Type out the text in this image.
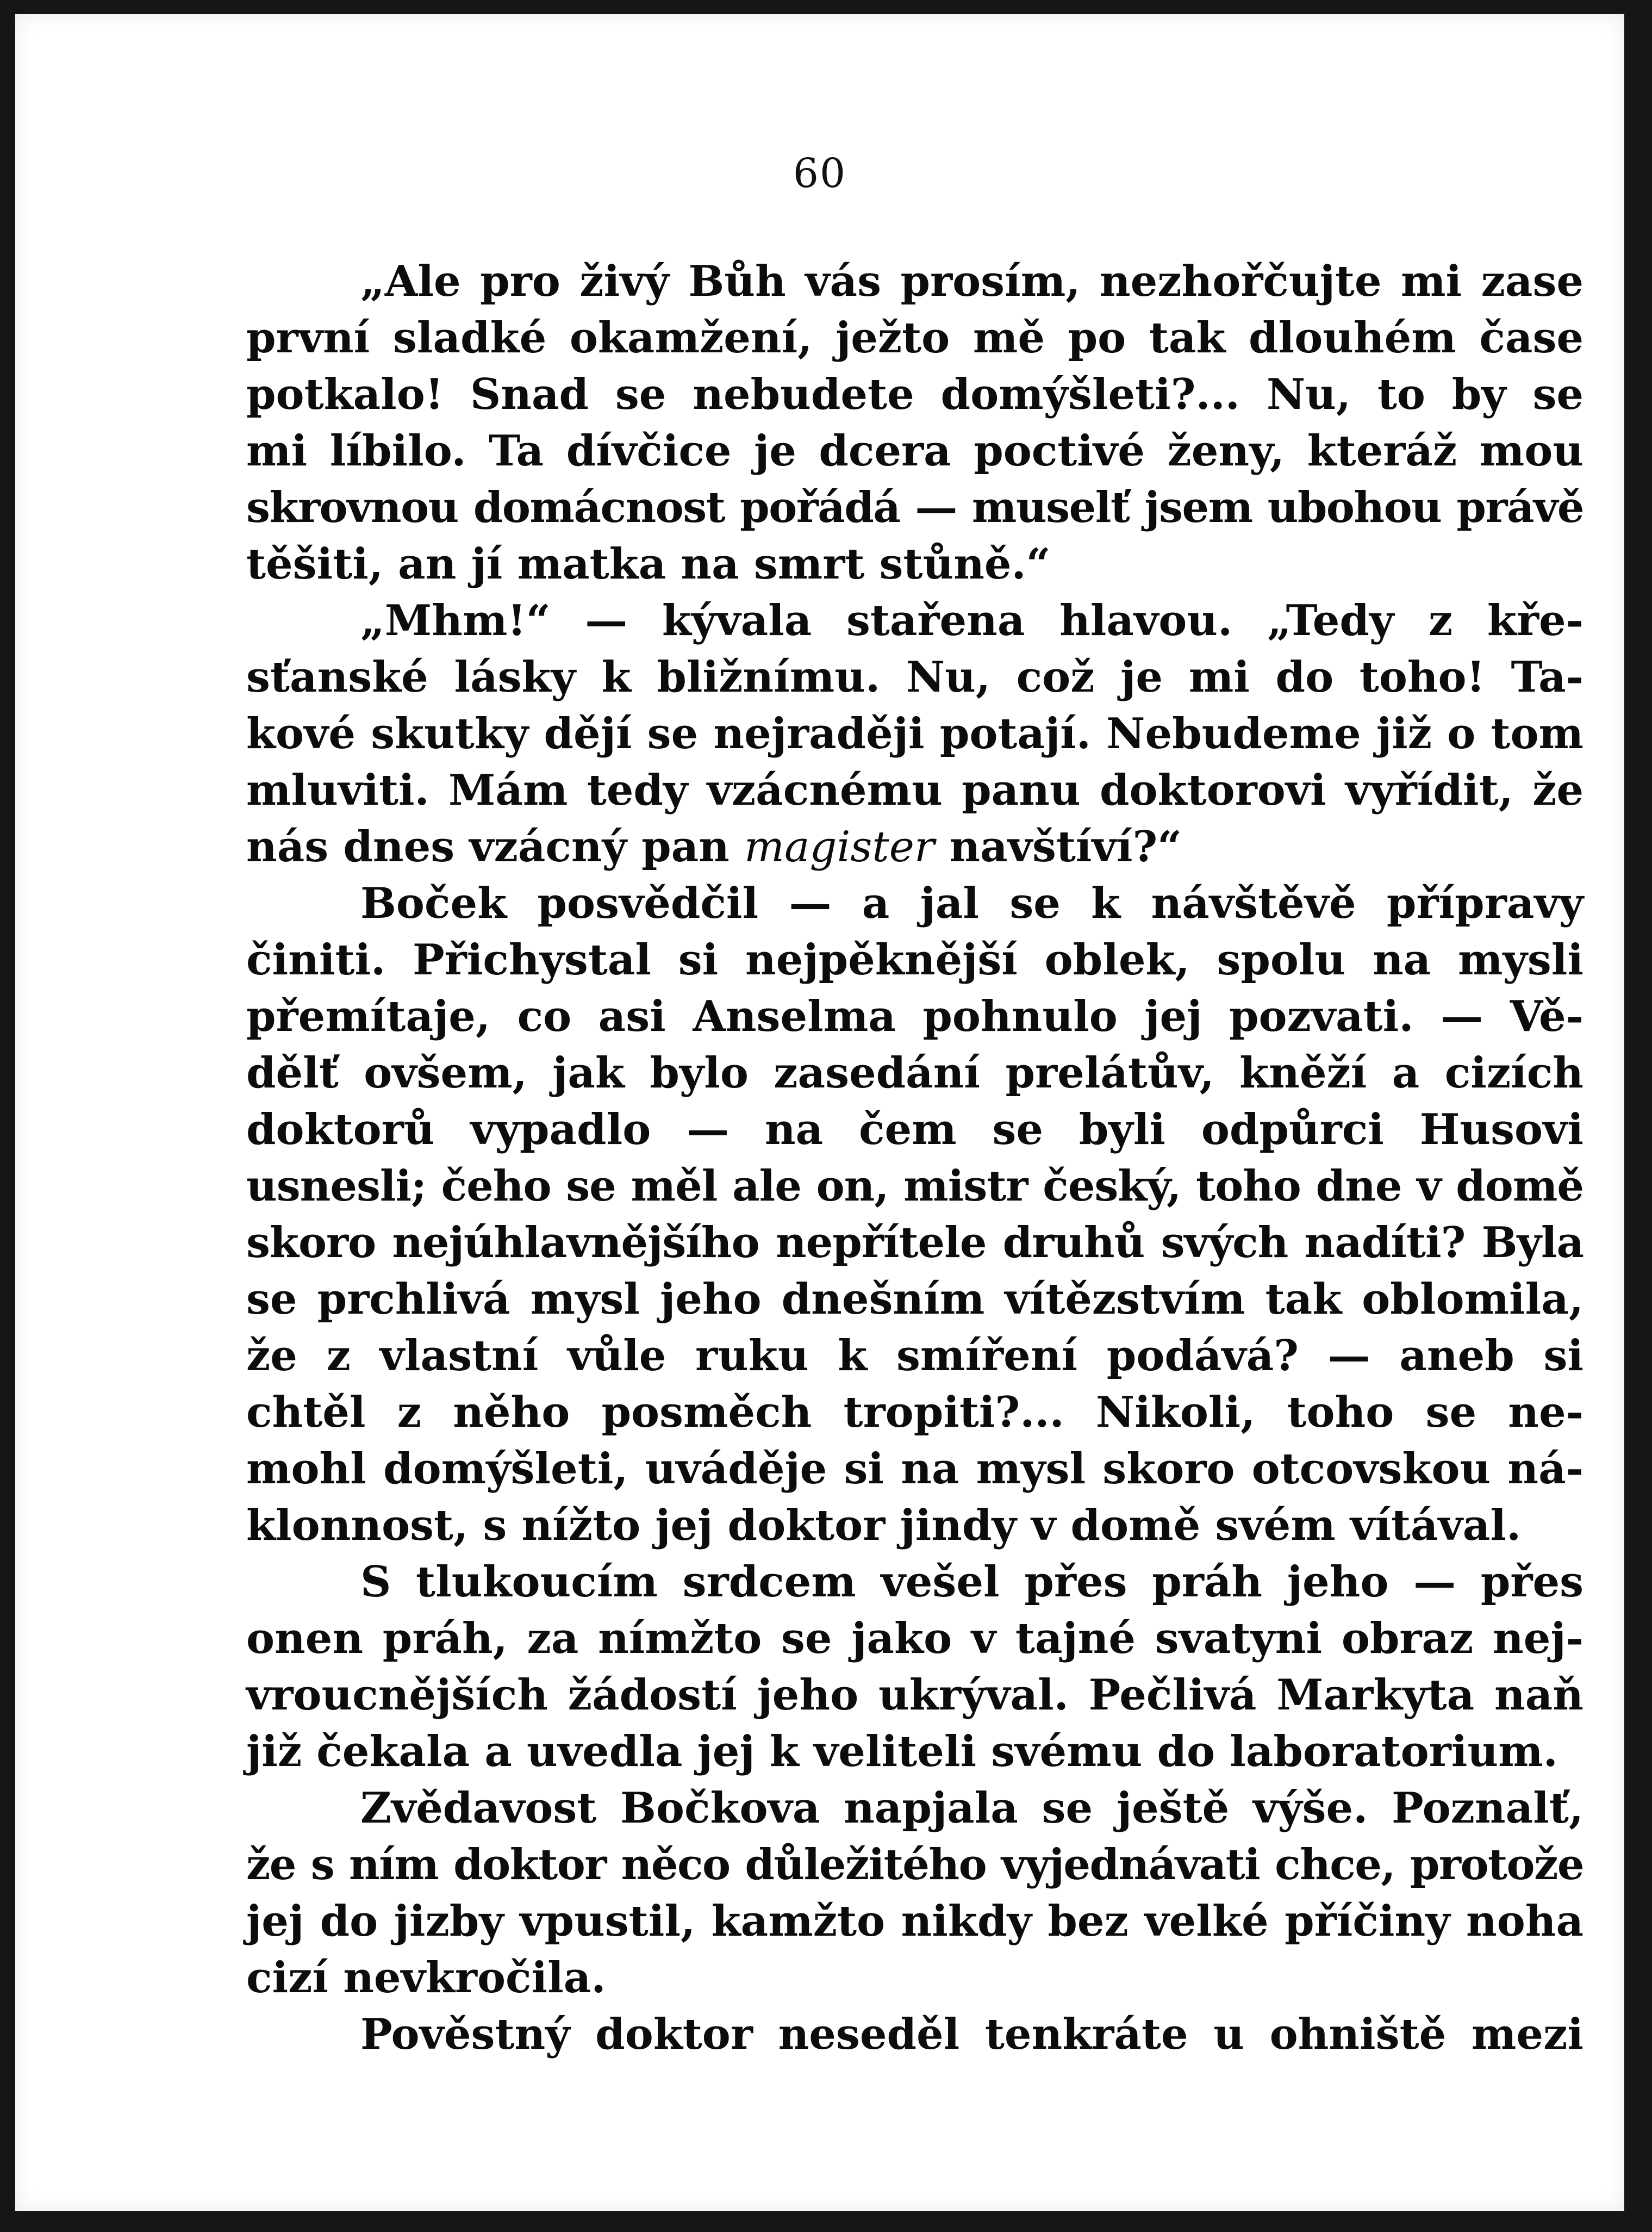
60
„Ale pro živý Bůh vás prosím, nezhořčujte mi zase
první sladké okamžení, ježto mě po tak dlouhém čase
potkalo! Snad se nebudete domýšleti?... Nu, to by se
mi líbilo. Ta dívčice je dcera poctivé ženy, kteráž mou
skrovnou domácnost pořádá — muselť jsem ubohou právě
těšiti, an jí matka na smrt stůně.“
„Mhm!“ — kývala stařena hlavou. „Tedy z kře-
sťanské lásky k bližnímu. Nu, což je mi do toho! Ta-
kové skutky dějí se nejraději potají. Nebudeme již o tom
mluviti. Mám tedy vzácnému panu doktorovi vyřídit, že
nás dnes vzácný pan magister navštíví?“
Boček posvědčil — a jal se k návštěvě přípravy
činiti. Přichystal si nejpěknější oblek, spolu na mysli
přemítaje, co asi Anselma pohnulo jej pozvati. — Vě-
dělť ovšem, jak bylo zasedání prelátův, kněží a cizích
doktorů vypadlo — na čem se byli odpůrci Husovi
usnesli; čeho se měl ale on, mistr český, toho dne v domě
skoro nejúhlavnějšího nepřítele druhů svých nadíti? Byla
se prchlivá mysl jeho dnešním vítězstvím tak oblomila,
že z vlastní vůle ruku k smíření podává? — aneb si
chtěl z něho posměch tropiti?... Nikoli, toho se ne-
mohl domýšleti, uváděje si na mysl skoro otcovskou ná-
klonnost, s nížto jej doktor jindy v domě svém vítával.
S tlukoucím srdcem vešel přes práh jeho — přes
onen práh, za nímžto se jako v tajné svatyni obraz nej-
vroucnějších žádostí jeho ukrýval. Pečlivá Markyta naň
již čekala a uvedla jej k veliteli svému do laboratorium.
Zvědavost Bočkova napjala se ještě výše. Poznalť,
že s ním doktor něco důležitého vyjednávati chce, protože
jej do jizby vpustil, kamžto nikdy bez velké příčiny noha
cizí nevkročila.
Pověstný doktor neseděl tenkráte u ohniště mezi
